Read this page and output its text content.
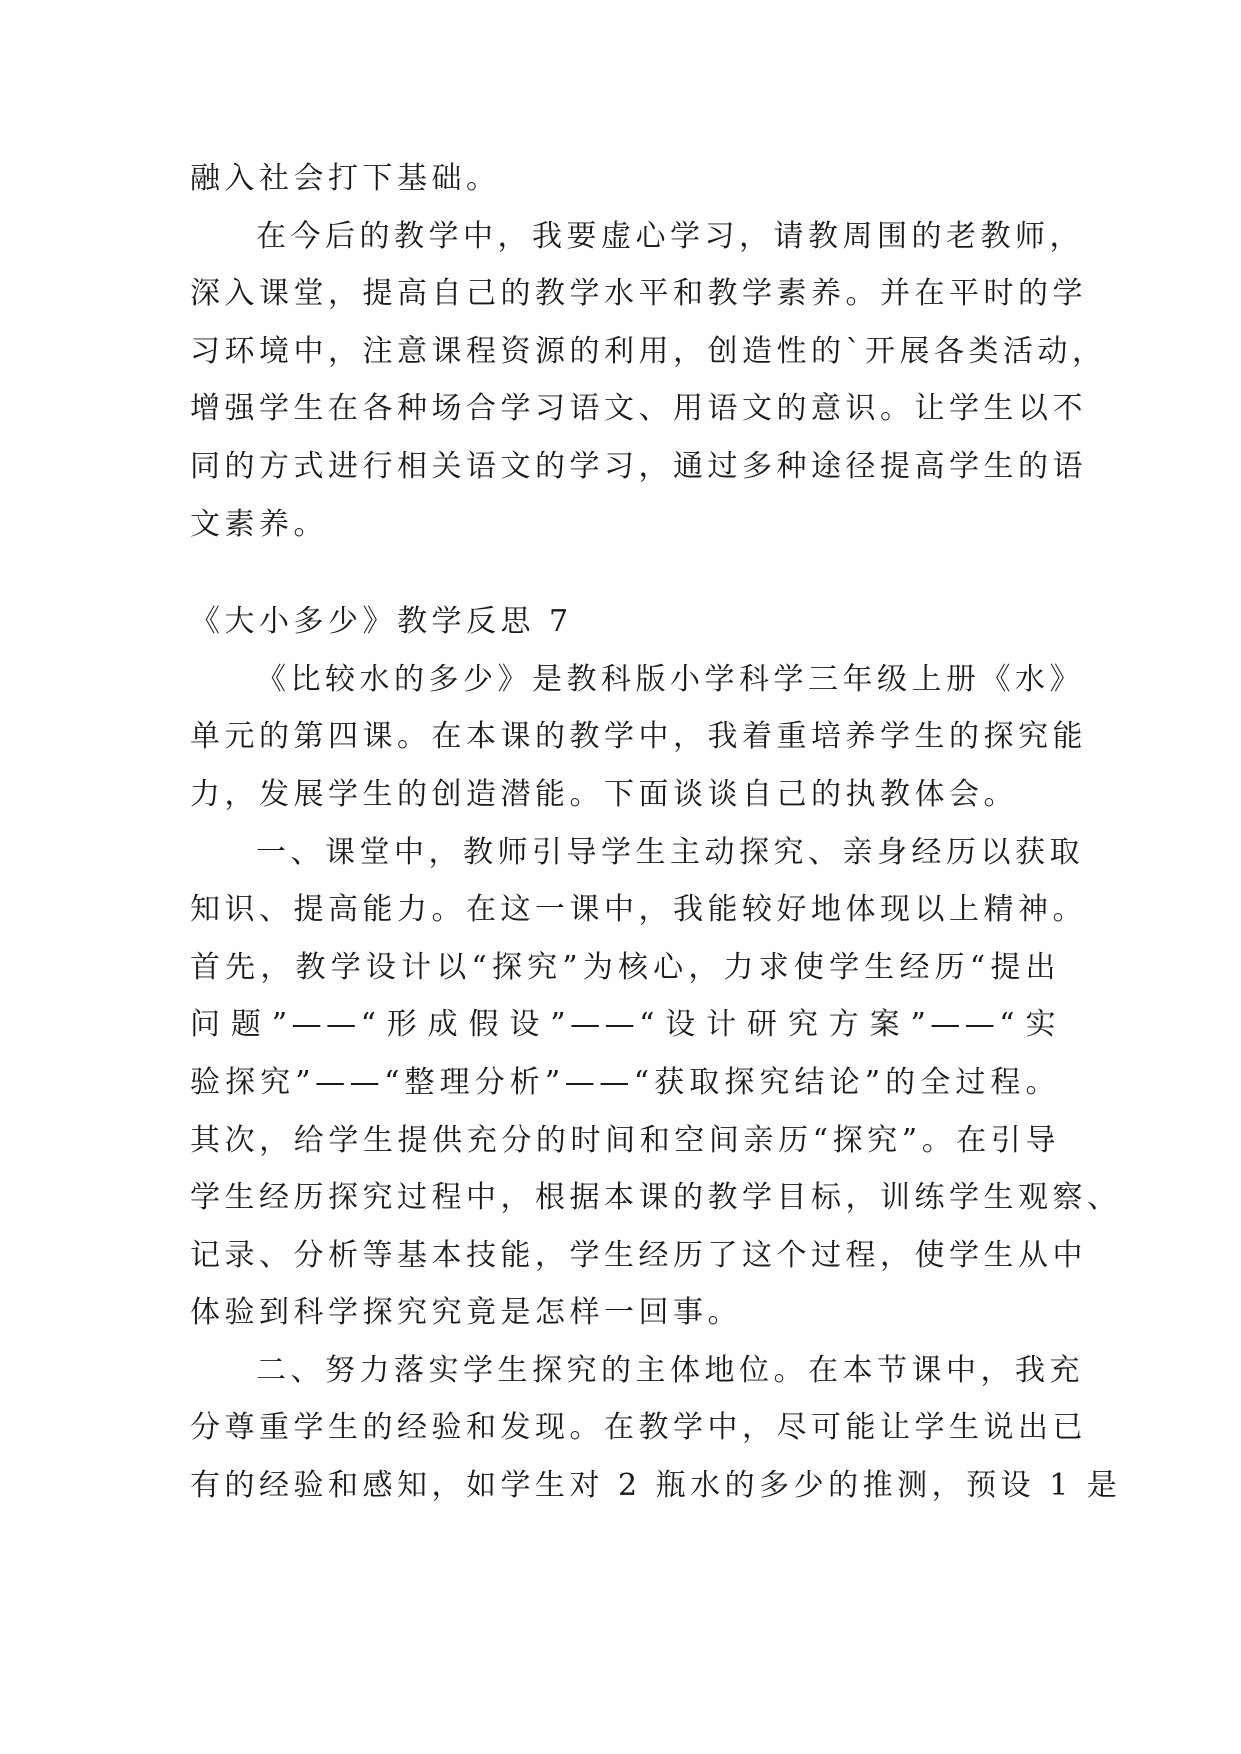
融入社会打下基础。
在今后的教学中，我要虚心学习，请教周围的老教师，
深入课堂，提高自己的教学水平和教学素养。并在平时的学
习环境中，注意课程资源的利用，创造性的`开展各类活动，
增强学生在各种场合学习语文、用语文的意识。让学生以不
同的方式进行相关语文的学习，通过多种途径提高学生的语
文素养。
《大小多少》教学反思 7
《比较水的多少》是教科版小学科学三年级上册《水》
单元的第四课。在本课的教学中，我着重培养学生的探究能
力，发展学生的创造潜能。下面谈谈自己的执教体会。
一、课堂中，教师引导学生主动探究、亲身经历以获取
知识、提高能力。在这一课中，我能较好地体现以上精神。
首先，教学设计以“探究”为核心，力求使学生经历“提出
问题”——“形成假设”——“设计研究方案”——“实
验探究”——“整理分析”——“获取探究结论”的全过程。
其次，给学生提供充分的时间和空间亲历“探究”。在引导
学生经历探究过程中，根据本课的教学目标，训练学生观察、
记录、分析等基本技能，学生经历了这个过程，使学生从中
体验到科学探究究竟是怎样一回事。
二、努力落实学生探究的主体地位。在本节课中，我充
分尊重学生的经验和发现。在教学中，尽可能让学生说出已
有的经验和感知，如学生对 2 瓶水的多少的推测，预设 1 是
